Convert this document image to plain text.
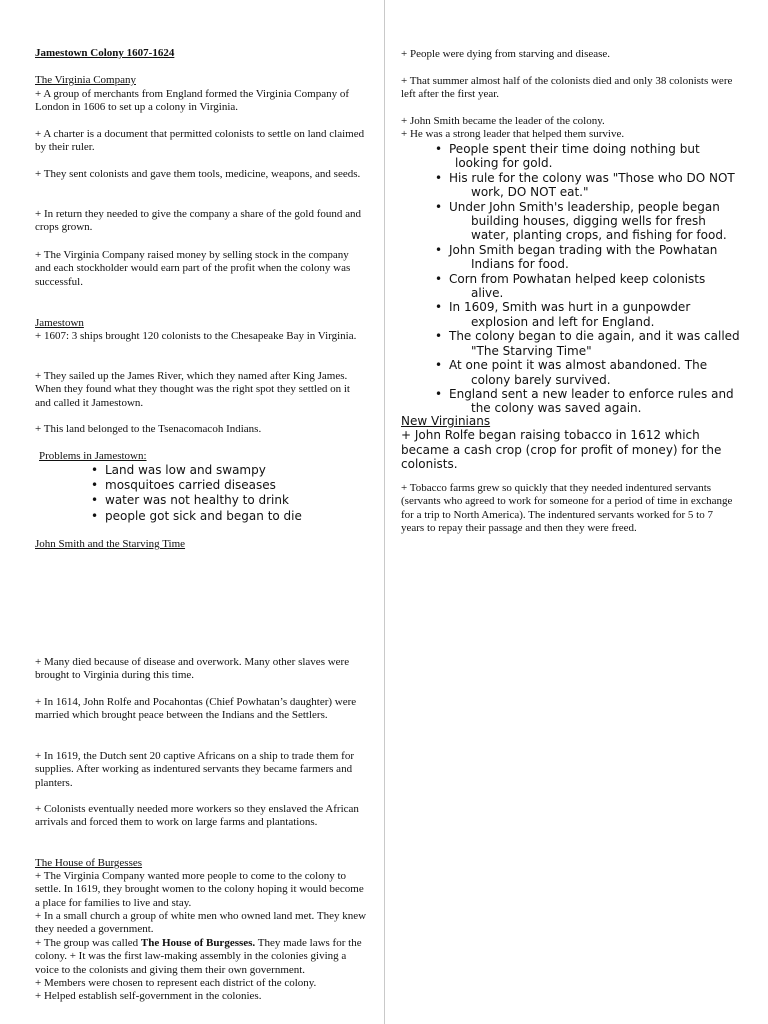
Jamestown Colony 1607-1624

The Virginia Company

+ A group of merchants from England formed the Virginia Company of London in 1606 to set up a colony in Virginia.

+ A charter is a document that permitted colonists to settle on land claimed by their ruler.

+ They sent colonists and gave them tools, medicine, weapons, and seeds.

+ In return they needed to give the company a share of the gold found and crops grown.

+ The Virginia Company raised money by selling stock in the company and each stockholder would earn part of the profit when the colony was successful.

Jamestown

+ 1607: 3 ships brought 120 colonists to the Chesapeake Bay in Virginia.

+ They sailed up the James River, which they named after King James. When they found what they thought was the right spot they settled on it and called it Jamestown.

+ This land belonged to the Tsenacomacoh Indians.

Problems in Jamestown:

• Land was low and swampy
• mosquitoes carried diseases
• water was not healthy to drink
• people got sick and began to die

John Smith and the Starving Time

+ Many died because of disease and overwork. Many other slaves were brought to Virginia during this time.

+ In 1614, John Rolfe and Pocahontas (Chief Powhatan’s daughter) were married which brought peace between the Indians and the Settlers.

+ In 1619, the Dutch sent 20 captive Africans on a ship to trade them for supplies. After working as indentured servants they became farmers and planters.

+ Colonists eventually needed more workers so they enslaved the African arrivals and forced them to work on large farms and plantations.

The House of Burgesses

+ The Virginia Company wanted more people to come to the colony to settle. In 1619, they brought women to the colony hoping it would become a place for families to live and stay.

+ In a small church a group of white men who owned land met. They knew they needed a government.

+ The group was called The House of Burgesses. They made laws for the colony. + It was the first law-making assembly in the colonies giving a voice to the colonists and giving them their own government.

+ Members were chosen to represent each district of the colony.

+ Helped establish self-government in the colonies.

+ People were dying from starving and disease.

+ That summer almost half of the colonists died and only 38 colonists were left after the first year.

+ John Smith became the leader of the colony.

+ He was a strong leader that helped them survive.

• People spent their time doing nothing but looking for gold.
• His rule for the colony was "Those who DO NOT work, DO NOT eat."
• Under John Smith's leadership, people began building houses, digging wells for fresh water, planting crops, and fishing for food.
• John Smith began trading with the Powhatan Indians for food.
• Corn from Powhatan helped keep colonists alive.
• In 1609, Smith was hurt in a gunpowder explosion and left for England.
• The colony began to die again, and it was called "The Starving Time"
• At one point it was almost abandoned. The colony barely survived.
• England sent a new leader to enforce rules and the colony was saved again.

New Virginians

+ John Rolfe began raising tobacco in 1612 which became a cash crop (crop for profit of money) for the colonists.

+ Tobacco farms grew so quickly that they needed indentured servants (servants who agreed to work for someone for a period of time in exchange for a trip to North America). The indentured servants worked for 5 to 7 years to repay their passage and then they were freed.
